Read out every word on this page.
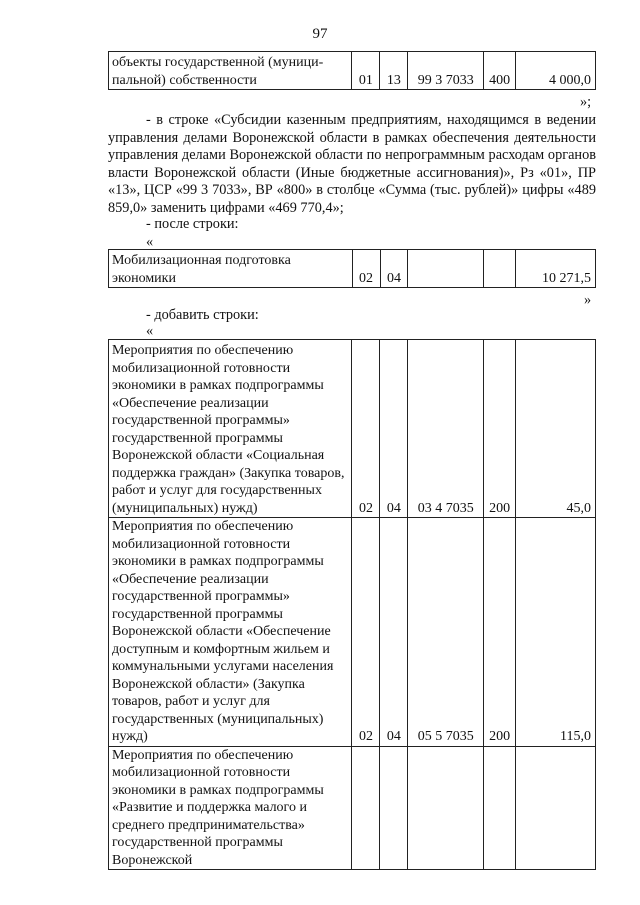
97
объекты государственной (муници-пальной) собственности	01	13	99 3 7033	400	4 000,0
»;
- в строке «Субсидии казенным предприятиям, находящимся в ведении управления делами Воронежской области в рамках обеспечения деятельности управления делами Воронежской области по непрограммным расходам органов власти Воронежской области (Иные бюджетные ассигнования)», Рз «01», ПР «13», ЦСР «99 3 7033», ВР «800» в столбце «Сумма (тыс. рублей)» цифры «489 859,0» заменить цифрами «469 770,4»;
- после строки:
«
Мобилизационная подготовка экономики	02	04			10 271,5
»
- добавить строки:
«
Мероприятия по обеспечению мобилизационной готовности экономики в рамках подпрограммы «Обеспечение реализации государственной программы» государственной программы Воронежской области «Социальная поддержка граждан» (Закупка товаров, работ и услуг для государственных (муниципальных) нужд)	02	04	03 4 7035	200	45,0
Мероприятия по обеспечению мобилизационной готовности экономики в рамках подпрограммы «Обеспечение реализации государственной программы» государственной программы Воронежской области «Обеспечение доступным и комфортным жильем и коммунальными услугами населения Воронежской области» (Закупка товаров, работ и услуг для государственных (муниципальных) нужд)	02	04	05 5 7035	200	115,0
Мероприятия по обеспечению мобилизационной готовности экономики в рамках подпрограммы «Развитие и поддержка малого и среднего предпринимательства» государственной программы Воронежской					
